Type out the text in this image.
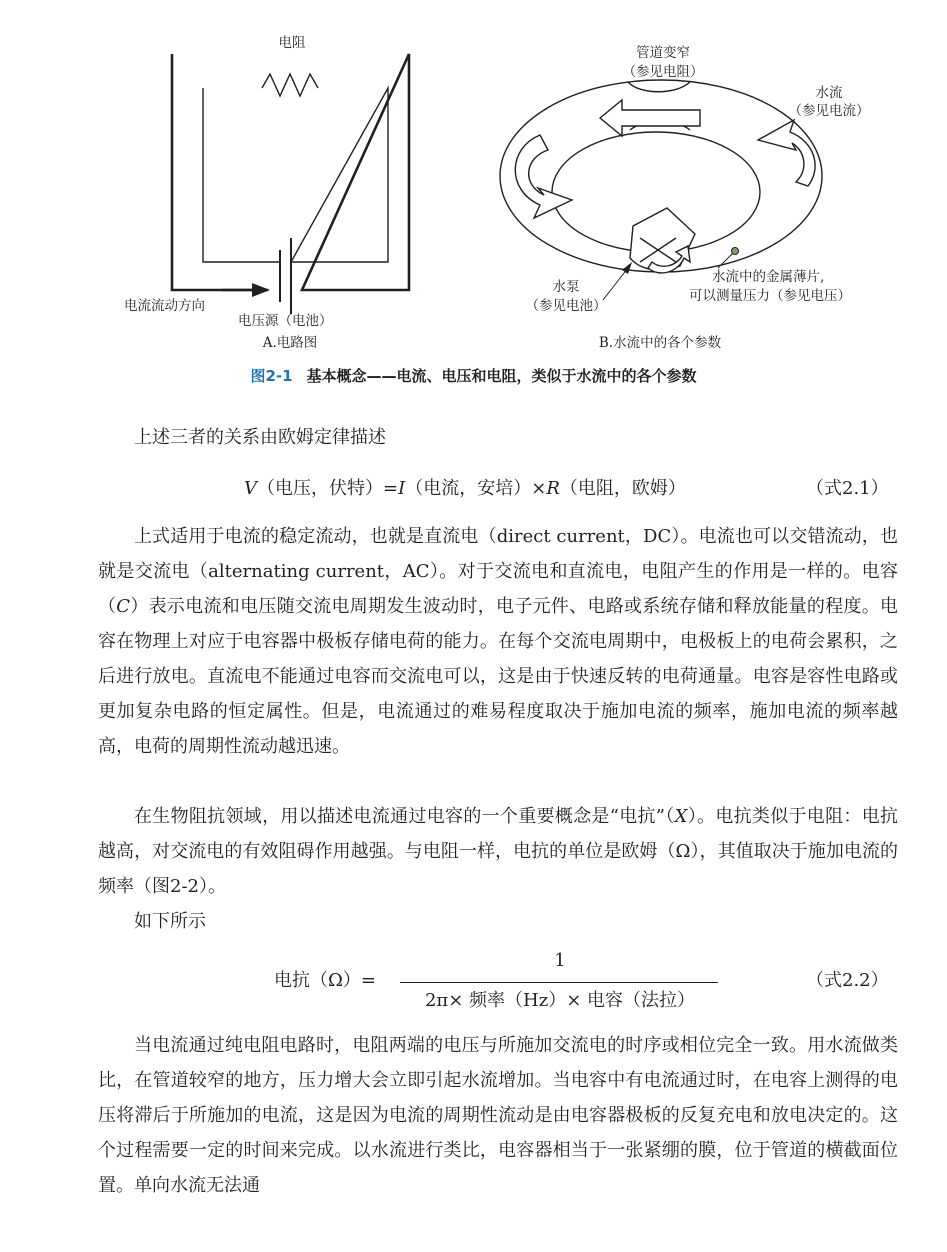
电阻
电流流动方向
电压源（电池）
A.电路图
管道变窄
（参见电阻）
水流
（参见电流）
水泵
（参见电池）
水流中的金属薄片,
可以测量压力（参见电压）
B.水流中的各个参数
图2-1 基本概念——电流、电压和电阻，类似于水流中的各个参数

上述三者的关系由欧姆定律描述

V（电压，伏特）=I（电流，安培）×R（电阻，欧姆）	（式2.1）

上式适用于电流的稳定流动，也就是直流电（direct current，DC）。电流也可以交错流动，也就是交流电（alternating current，AC）。对于交流电和直流电，电阻产生的作用是一样的。电容（C）表示电流和电压随交流电周期发生波动时，电子元件、电路或系统存储和释放能量的程度。电容在物理上对应于电容器中极板存储电荷的能力。在每个交流电周期中，电极板上的电荷会累积，之后进行放电。直流电不能通过电容而交流电可以，这是由于快速反转的电荷通量。电容是容性电路或更加复杂电路的恒定属性。但是，电流通过的难易程度取决于施加电流的频率，施加电流的频率越高，电荷的周期性流动越迅速。

在生物阻抗领域，用以描述电流通过电容的一个重要概念是“电抗”（X）。电抗类似于电阻：电抗越高，对交流电的有效阻碍作用越强。与电阻一样，电抗的单位是欧姆（Ω），其值取决于施加电流的频率（图2-2）。

如下所示

电抗（Ω）=
1
2π× 频率（Hz）× 电容（法拉）
（式2.2）

当电流通过纯电阻电路时，电阻两端的电压与所施加交流电的时序或相位完全一致。用水流做类比，在管道较窄的地方，压力增大会立即引起水流增加。当电容中有电流通过时，在电容上测得的电压将滞后于所施加的电流，这是因为电流的周期性流动是由电容器极板的反复充电和放电决定的。这个过程需要一定的时间来完成。以水流进行类比，电容器相当于一张紧绷的膜，位于管道的横截面位置。单向水流无法通
